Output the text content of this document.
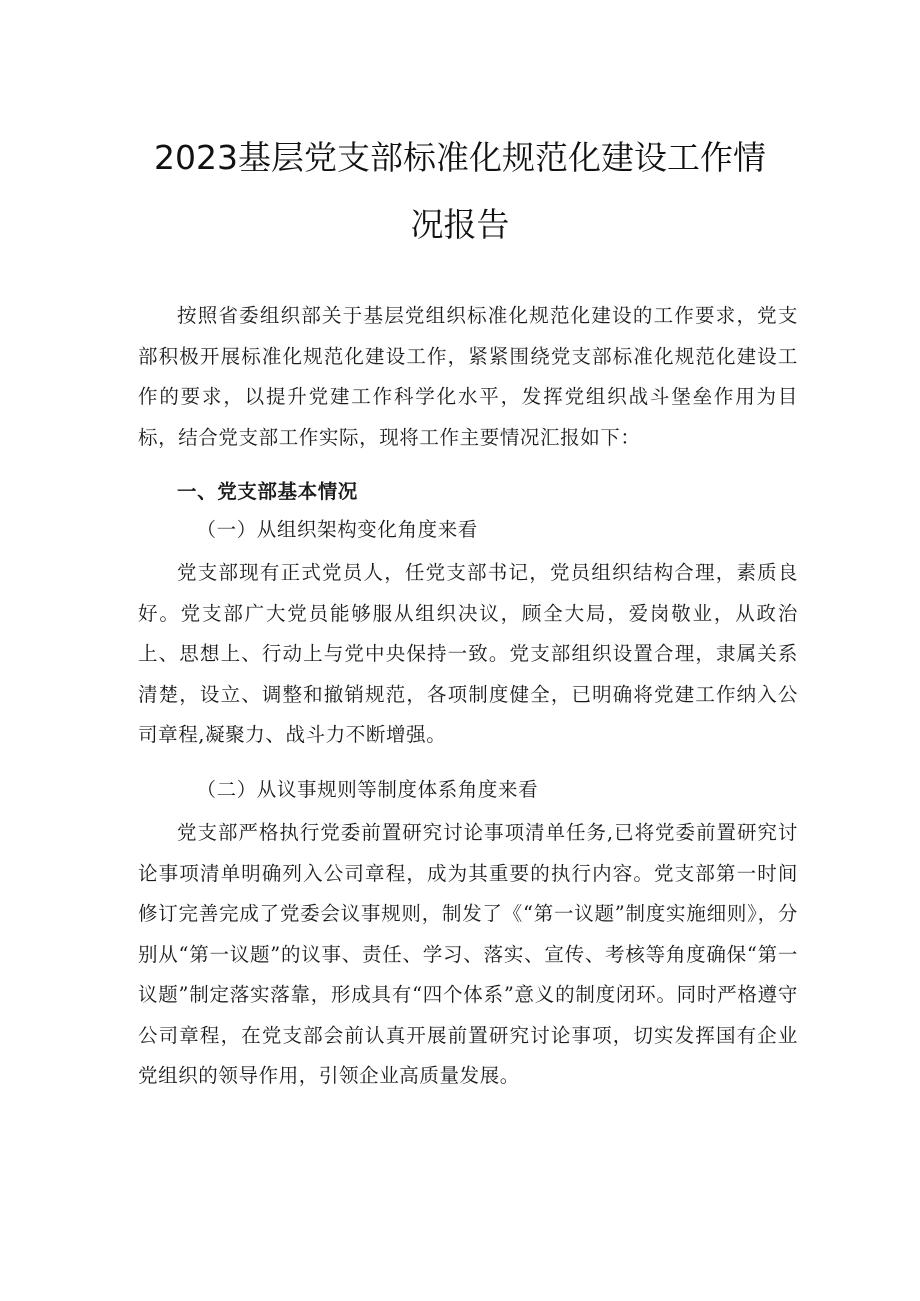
2023基层党支部标准化规范化建设工作情
况报告

按照省委组织部关于基层党组织标准化规范化建设的工作要求，党支部积极开展标准化规范化建设工作，紧紧围绕党支部标准化规范化建设工作的要求，以提升党建工作科学化水平，发挥党组织战斗堡垒作用为目标，结合党支部工作实际，现将工作主要情况汇报如下：

一、党支部基本情况

（一）从组织架构变化角度来看

党支部现有正式党员人，任党支部书记，党员组织结构合理，素质良好。党支部广大党员能够服从组织决议，顾全大局，爱岗敬业，从政治上、思想上、行动上与党中央保持一致。党支部组织设置合理，隶属关系清楚，设立、调整和撤销规范，各项制度健全，已明确将党建工作纳入公司章程,凝聚力、战斗力不断增强。

（二）从议事规则等制度体系角度来看

党支部严格执行党委前置研究讨论事项清单任务,已将党委前置研究讨论事项清单明确列入公司章程，成为其重要的执行内容。党支部第一时间修订完善完成了党委会议事规则，制发了《“第一议题”制度实施细则》，分别从“第一议题”的议事、责任、学习、落实、宣传、考核等角度确保“第一议题”制定落实落靠，形成具有“四个体系”意义的制度闭环。同时严格遵守公司章程，在党支部会前认真开展前置研究讨论事项，切实发挥国有企业党组织的领导作用，引领企业高质量发展。
